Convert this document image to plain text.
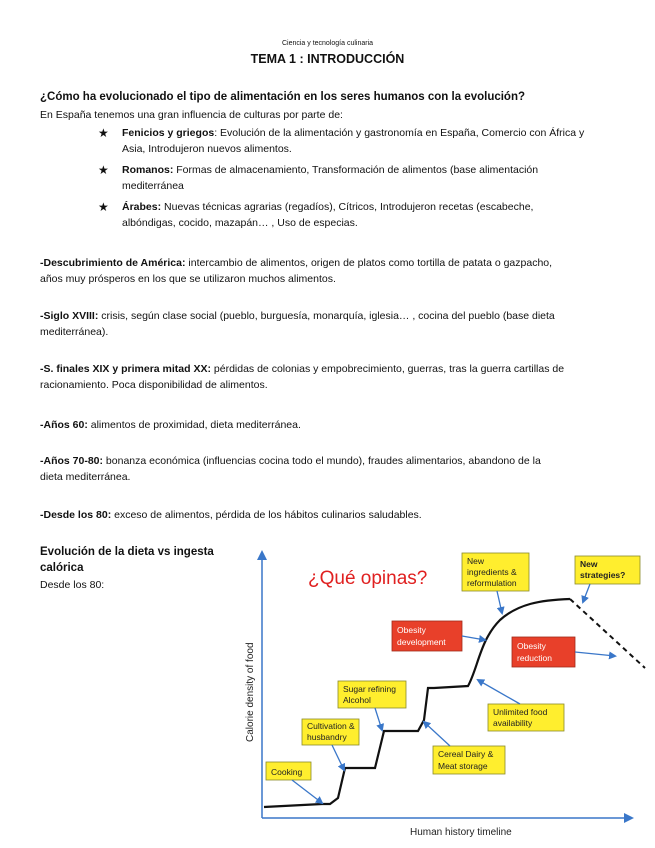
Ciencia y tecnología culinaria
TEMA 1 : INTRODUCCIÓN
¿Cómo ha evolucionado el tipo de alimentación en los seres humanos con la evolución?
En España tenemos una gran influencia de culturas por parte de:
★ Fenicios y griegos: Evolución de la alimentación y gastronomía en España, Comercio con África y
Asia, Introdujeron nuevos alimentos.
★ Romanos: Formas de almacenamiento, Transformación de alimentos (base alimentación
mediterránea
★ Árabes: Nuevas técnicas agrarias (regadíos), Cítricos, Introdujeron recetas (escabeche,
albóndigas, cocido, mazapán… , Uso de especias.
-Descubrimiento de América: intercambio de alimentos, origen de platos como tortilla de patata o gazpacho,
años muy prósperos en los que se utilizaron muchos alimentos.
-Siglo XVIII: crisis, según clase social (pueblo, burguesía, monarquía, iglesia… , cocina del pueblo (base dieta
mediterránea).
-S. finales XIX y primera mitad XX: pérdidas de colonias y empobrecimiento, guerras, tras la guerra cartillas de
racionamiento. Poca disponibilidad de alimentos.
-Años 60: alimentos de proximidad, dieta mediterránea.
-Años 70-80: bonanza económica (influencias cocina todo el mundo), fraudes alimentarios, abandono de la
dieta mediterránea.
-Desde los 80: exceso de alimentos, pérdida de los hábitos culinarios saludables.
Evolución de la dieta vs ingesta
calórica
Desde los 80:
Calorie density of food
Human history timeline
¿Qué opinas?
Cooking
Cultivation &
husbandry
Sugar refining
Alcohol
Cereal Dairy &
Meat storage
Unlimited food
availability
New
ingredients &
reformulation
New
strategies?
Obesity
development	Obesity
reduction
